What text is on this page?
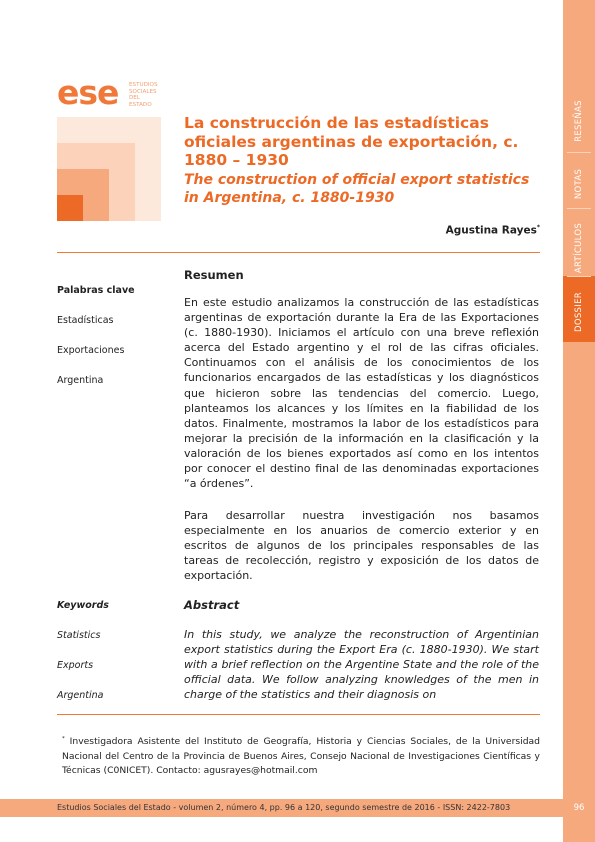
RESEÑAS
NOTAS
ARTÍCULOS
DOSSIER
ese ESTUDIOS
SOCIALES
DEL
ESTADO
La construcción de las estadísticas oficiales argentinas de exportación, c. 1880 – 1930
The construction of official export statistics in Argentina, c. 1880-1930
Agustina Rayes*
Resumen
Palabras clave
Estadísticas
Exportaciones
Argentina

En este estudio analizamos la construcción de las estadísticas argentinas de exportación durante la Era de las Exportaciones (c. 1880-1930). Iniciamos el artículo con una breve reflexión acerca del Estado argentino y el rol de las cifras oficiales. Continuamos con el análisis de los conocimientos de los funcionarios encargados de las estadísticas y los diagnósticos que hicieron sobre las tendencias del comercio. Luego, planteamos los alcances y los límites en la fiabilidad de los datos. Finalmente, mostramos la labor de los estadísticos para mejorar la precisión de la información en la clasificación y la valoración de los bienes exportados así como en los intentos por conocer el destino final de las denominadas exportaciones “a órdenes”.

Para desarrollar nuestra investigación nos basamos especialmente en los anuarios de comercio exterior y en escritos de algunos de los principales responsables de las tareas de recolección, registro y exposición de los datos de exportación.

Abstract
Keywords
Statistics
Exports
Argentina

In this study, we analyze the reconstruction of Argentinian export statistics during the Export Era (c. 1880-1930). We start with a brief reflection on the Argentine State and the role of the official data. We follow analyzing knowledges of the men in charge of the statistics and their diagnosis on

* Investigadora Asistente del Instituto de Geografía, Historia y Ciencias Sociales, de la Universidad Nacional del Centro de la Provincia de Buenos Aires, Consejo Nacional de Investigaciones Científicas y Técnicas (C0NICET). Contacto: agusrayes@hotmail.com

Estudios Sociales del Estado - volumen 2, número 4, pp. 96 a 120, segundo semestre de 2016 - ISSN: 2422-7803	96
